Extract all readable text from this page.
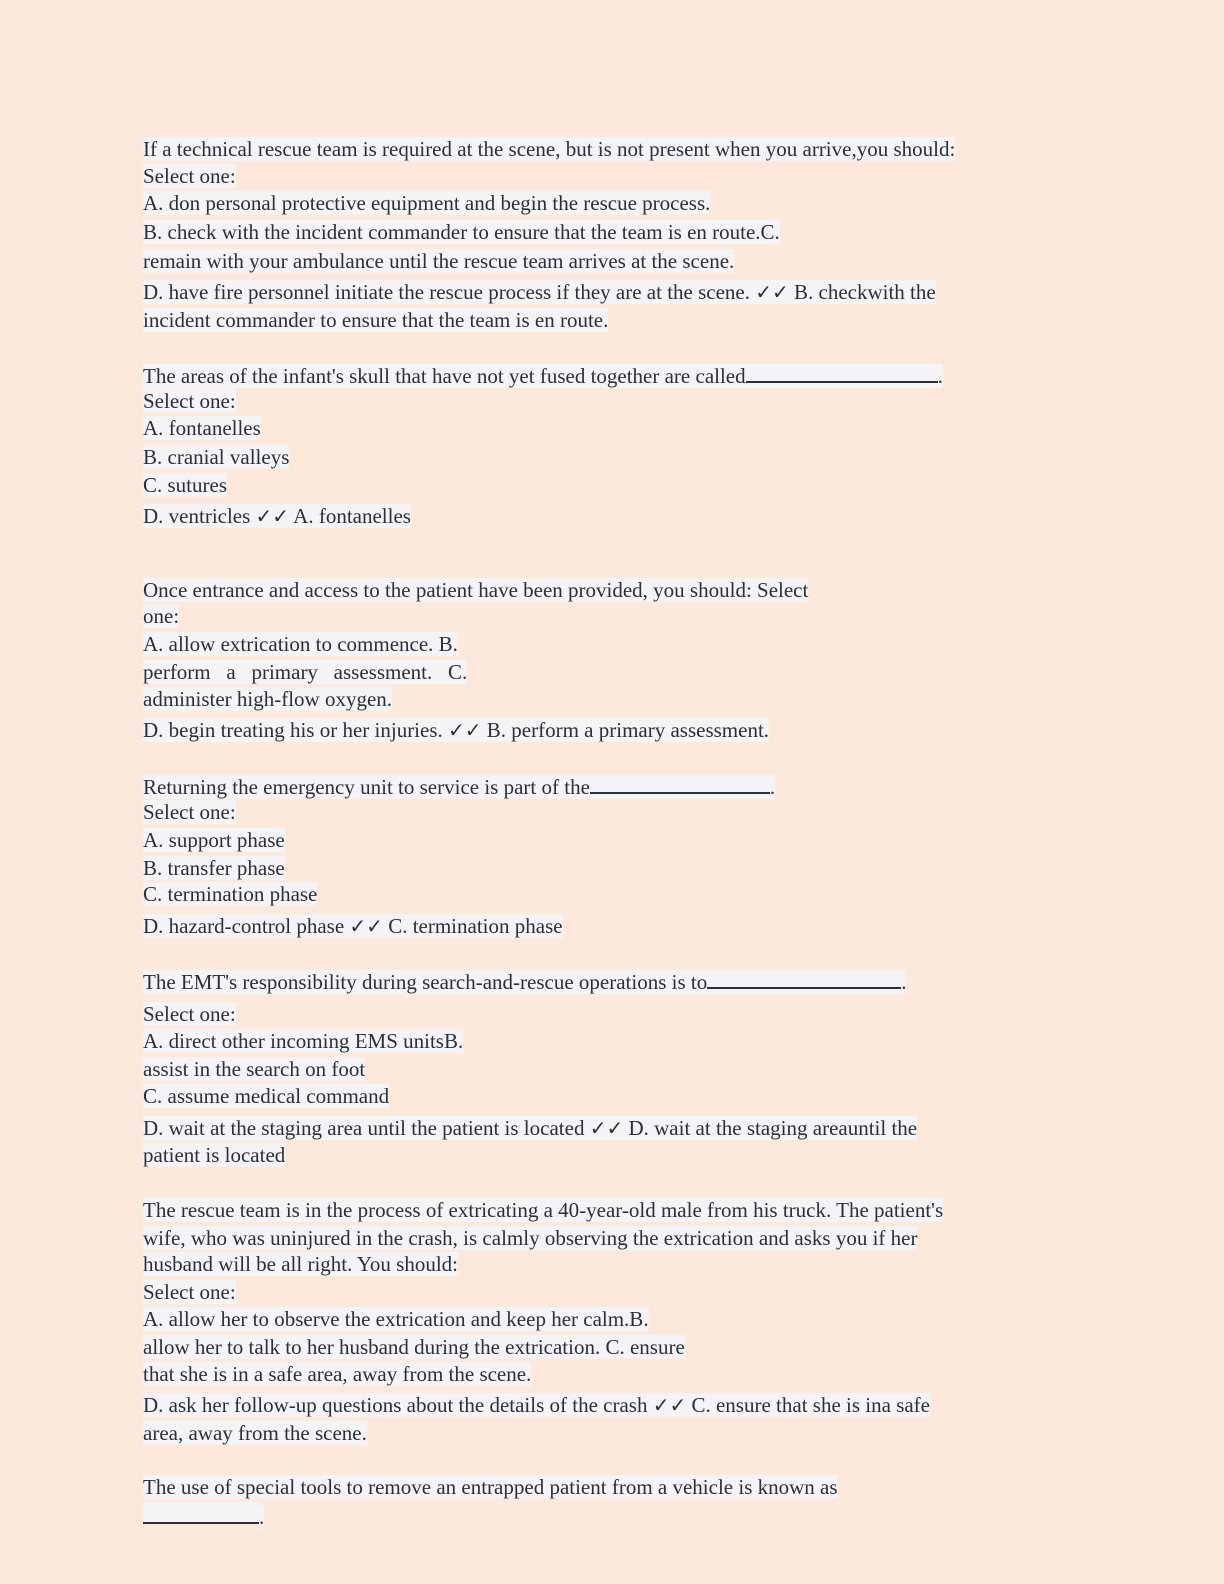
If a technical rescue team is required at the scene, but is not present when you arrive,you should:
Select one:
A. don personal protective equipment and begin the rescue process.
B. check with the incident commander to ensure that the team is en route.C.
remain with your ambulance until the rescue team arrives at the scene.
D. have fire personnel initiate the rescue process if they are at the scene. ✓✓ B. checkwith the
incident commander to ensure that the team is en route.
The areas of the infant's skull that have not yet fused together are called	.
Select one:
A. fontanelles
B. cranial valleys
C. sutures
D. ventricles ✓✓ A. fontanelles
Once entrance and access to the patient have been provided, you should: Select
one:
A. allow extrication to commence. B.
perform   a   primary   assessment.   C.
administer high-flow oxygen.
D. begin treating his or her injuries. ✓✓ B. perform a primary assessment.
Returning the emergency unit to service is part of the	.
Select one:
A. support phase
B. transfer phase
C. termination phase
D. hazard-control phase ✓✓ C. termination phase
The EMT's responsibility during search-and-rescue operations is to	.
Select one:
A. direct other incoming EMS unitsB.
assist in the search on foot
C. assume medical command
D. wait at the staging area until the patient is located ✓✓ D. wait at the staging areauntil the
patient is located
The rescue team is in the process of extricating a 40-year-old male from his truck. The patient's
wife, who was uninjured in the crash, is calmly observing the extrication and asks you if her
husband will be all right. You should:
Select one:
A. allow her to observe the extrication and keep her calm.B.
allow her to talk to her husband during the extrication. C. ensure
that she is in a safe area, away from the scene.
D. ask her follow-up questions about the details of the crash ✓✓ C. ensure that she is ina safe
area, away from the scene.
The use of special tools to remove an entrapped patient from a vehicle is known as
.
